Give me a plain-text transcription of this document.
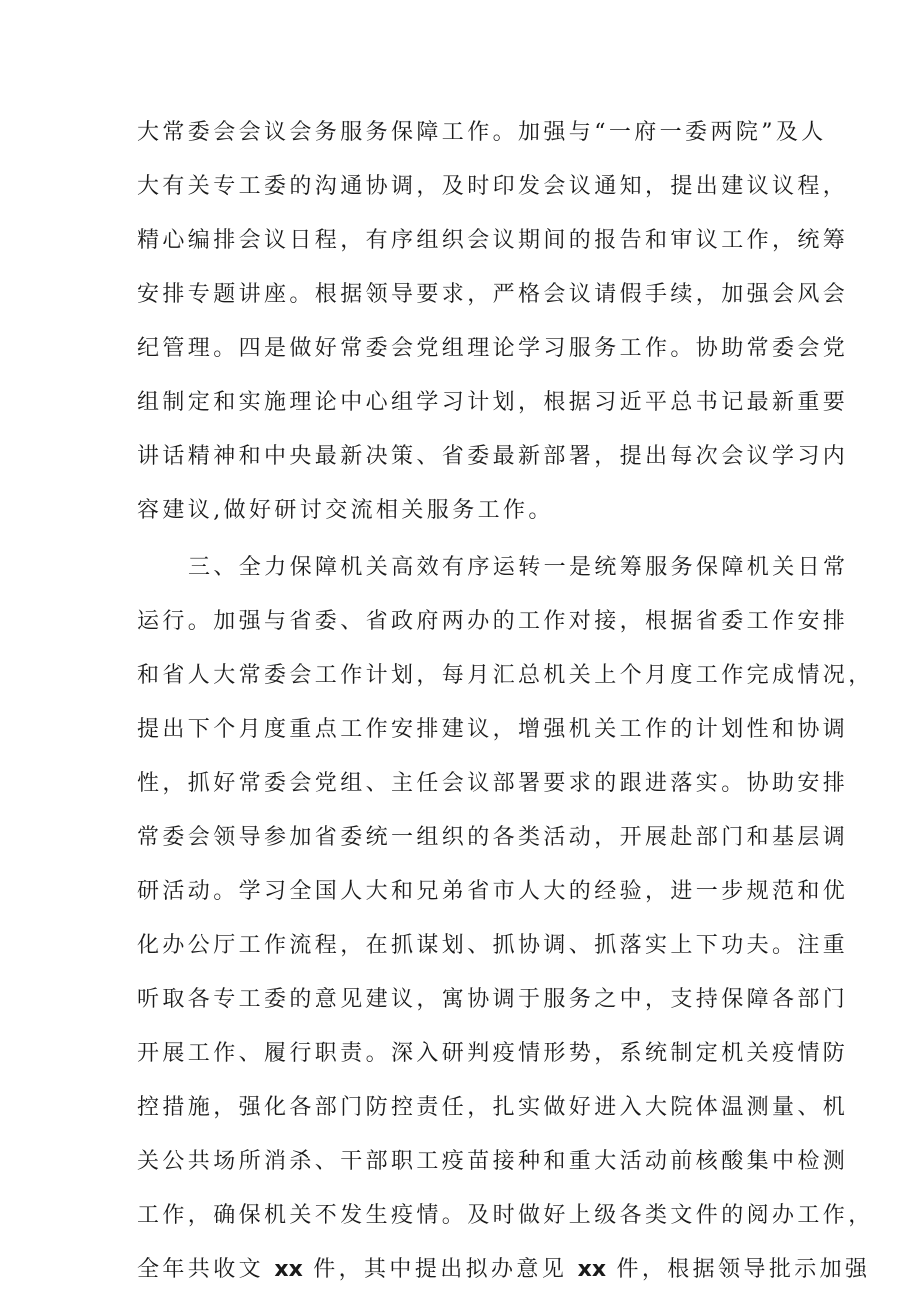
大常委会会议会务服务保障工作。加强与“一府一委两院”及人
大有关专工委的沟通协调，及时印发会议通知，提出建议议程，
精心编排会议日程，有序组织会议期间的报告和审议工作，统筹
安排专题讲座。根据领导要求，严格会议请假手续，加强会风会
纪管理。四是做好常委会党组理论学习服务工作。协助常委会党
组制定和实施理论中心组学习计划，根据习近平总书记最新重要
讲话精神和中央最新决策、省委最新部署，提出每次会议学习内
容建议,做好研讨交流相关服务工作。
三、全力保障机关高效有序运转一是统筹服务保障机关日常
运行。加强与省委、省政府两办的工作对接，根据省委工作安排
和省人大常委会工作计划，每月汇总机关上个月度工作完成情况，
提出下个月度重点工作安排建议，增强机关工作的计划性和协调
性，抓好常委会党组、主任会议部署要求的跟进落实。协助安排
常委会领导参加省委统一组织的各类活动，开展赴部门和基层调
研活动。学习全国人大和兄弟省市人大的经验，进一步规范和优
化办公厅工作流程，在抓谋划、抓协调、抓落实上下功夫。注重
听取各专工委的意见建议，寓协调于服务之中，支持保障各部门
开展工作、履行职责。深入研判疫情形势，系统制定机关疫情防
控措施，强化各部门防控责任，扎实做好进入大院体温测量、机
关公共场所消杀、干部职工疫苗接种和重大活动前核酸集中检测
工作，确保机关不发生疫情。及时做好上级各类文件的阅办工作，
全年共收文 xx 件，其中提出拟办意见 xx 件，根据领导批示加强
